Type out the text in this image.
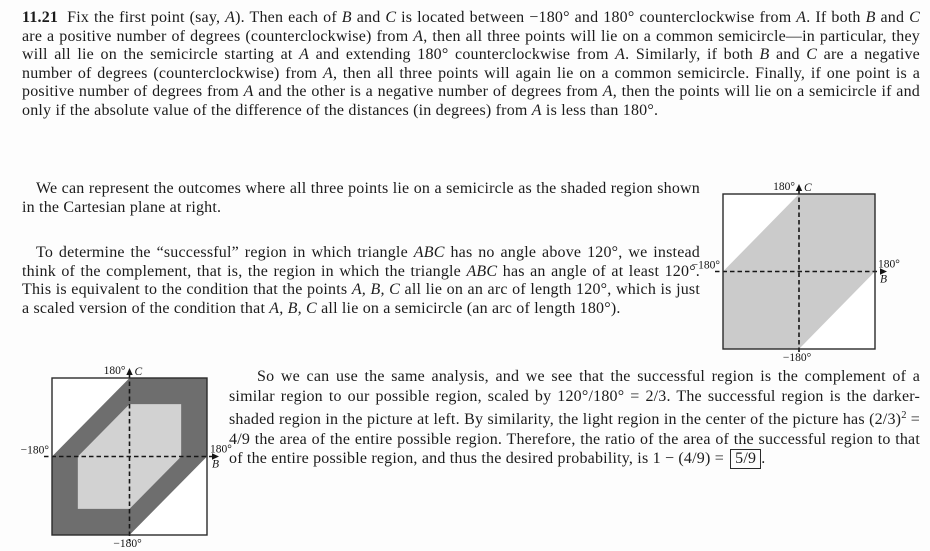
11.21 Fix the first point (say, A). Then each of B and C is located between −180° and 180° counterclockwise from A. If both B and C are a positive number of degrees (counterclockwise) from A, then all three points will lie on a common semicircle—in particular, they will all lie on the semicircle starting at A and extending 180° counterclockwise from A. Similarly, if both B and C are a negative number of degrees (counterclockwise) from A, then all three points will again lie on a common semicircle. Finally, if one point is a positive number of degrees from A and the other is a negative number of degrees from A, then the points will lie on a semicircle if and only if the absolute value of the difference of the distances (in degrees) from A is less than 180°.

We can represent the outcomes where all three points lie on a semicircle as the shaded region shown in the Cartesian plane at right.

To determine the “successful” region in which triangle ABC has no angle above 120°, we instead think of the complement, that is, the region in which the triangle ABC has an angle of at least 120°. This is equivalent to the condition that the points A, B, C all lie on an arc of length 120°, which is just a scaled version of the condition that A, B, C all lie on a semicircle (an arc of length 180°).

So we can use the same analysis, and we see that the successful region is the complement of a similar region to our possible region, scaled by 120°/180° = 2/3. The successful region is the darker-shaded region in the picture at left. By similarity, the light region in the center of the picture has $(2/3)^2 = 4/9$ the area of the entire possible region. Therefore, the ratio of the area of the successful region to that of the entire possible region, and thus the desired probability, is 1 − (4/9) = 5/9 .

180° C
−180°	180°
B
−180°
180° C
−180°	180°
B
−180°
